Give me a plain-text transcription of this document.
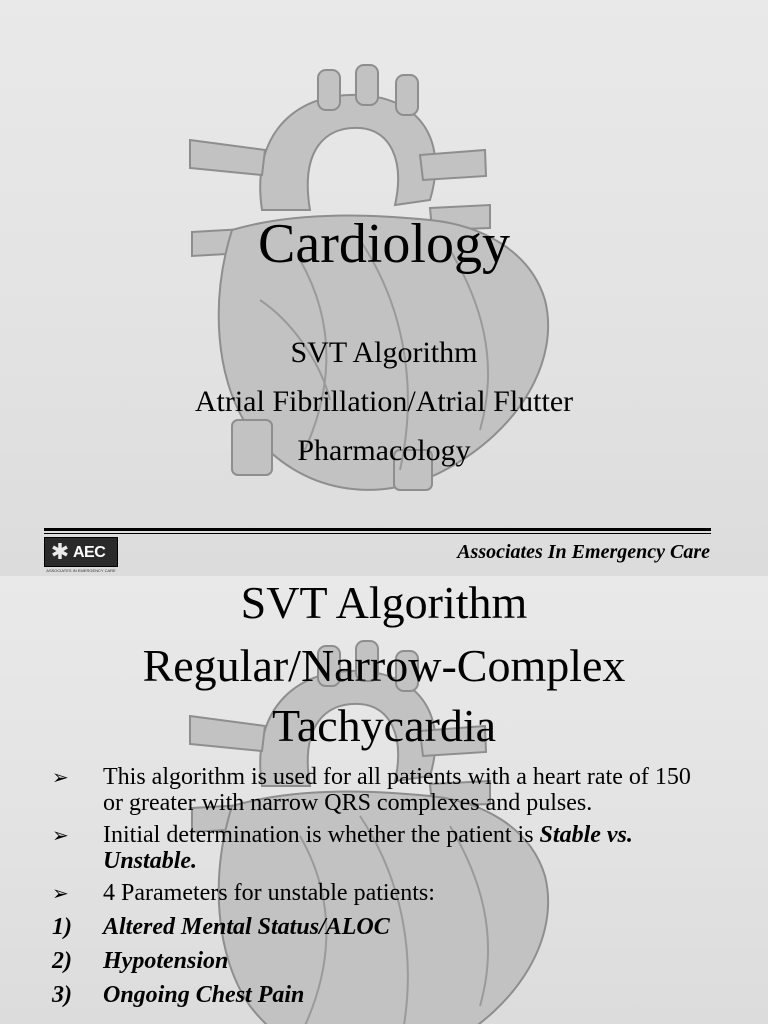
Cardiology
SVT Algorithm
Atrial Fibrillation/Atrial Flutter
Pharmacology
✱ AEC
ASSOCIATES IN EMERGENCY CARE
Associates In Emergency Care
SVT Algorithm
Regular/Narrow-Complex
Tachycardia
➢ This algorithm is used for all patients with a heart rate of 150 or greater with narrow QRS complexes and pulses.
➢ Initial determination is whether the patient is Stable vs. Unstable.
➢ 4 Parameters for unstable patients:
1) Altered Mental Status/ALOC
2) Hypotension
3) Ongoing Chest Pain
